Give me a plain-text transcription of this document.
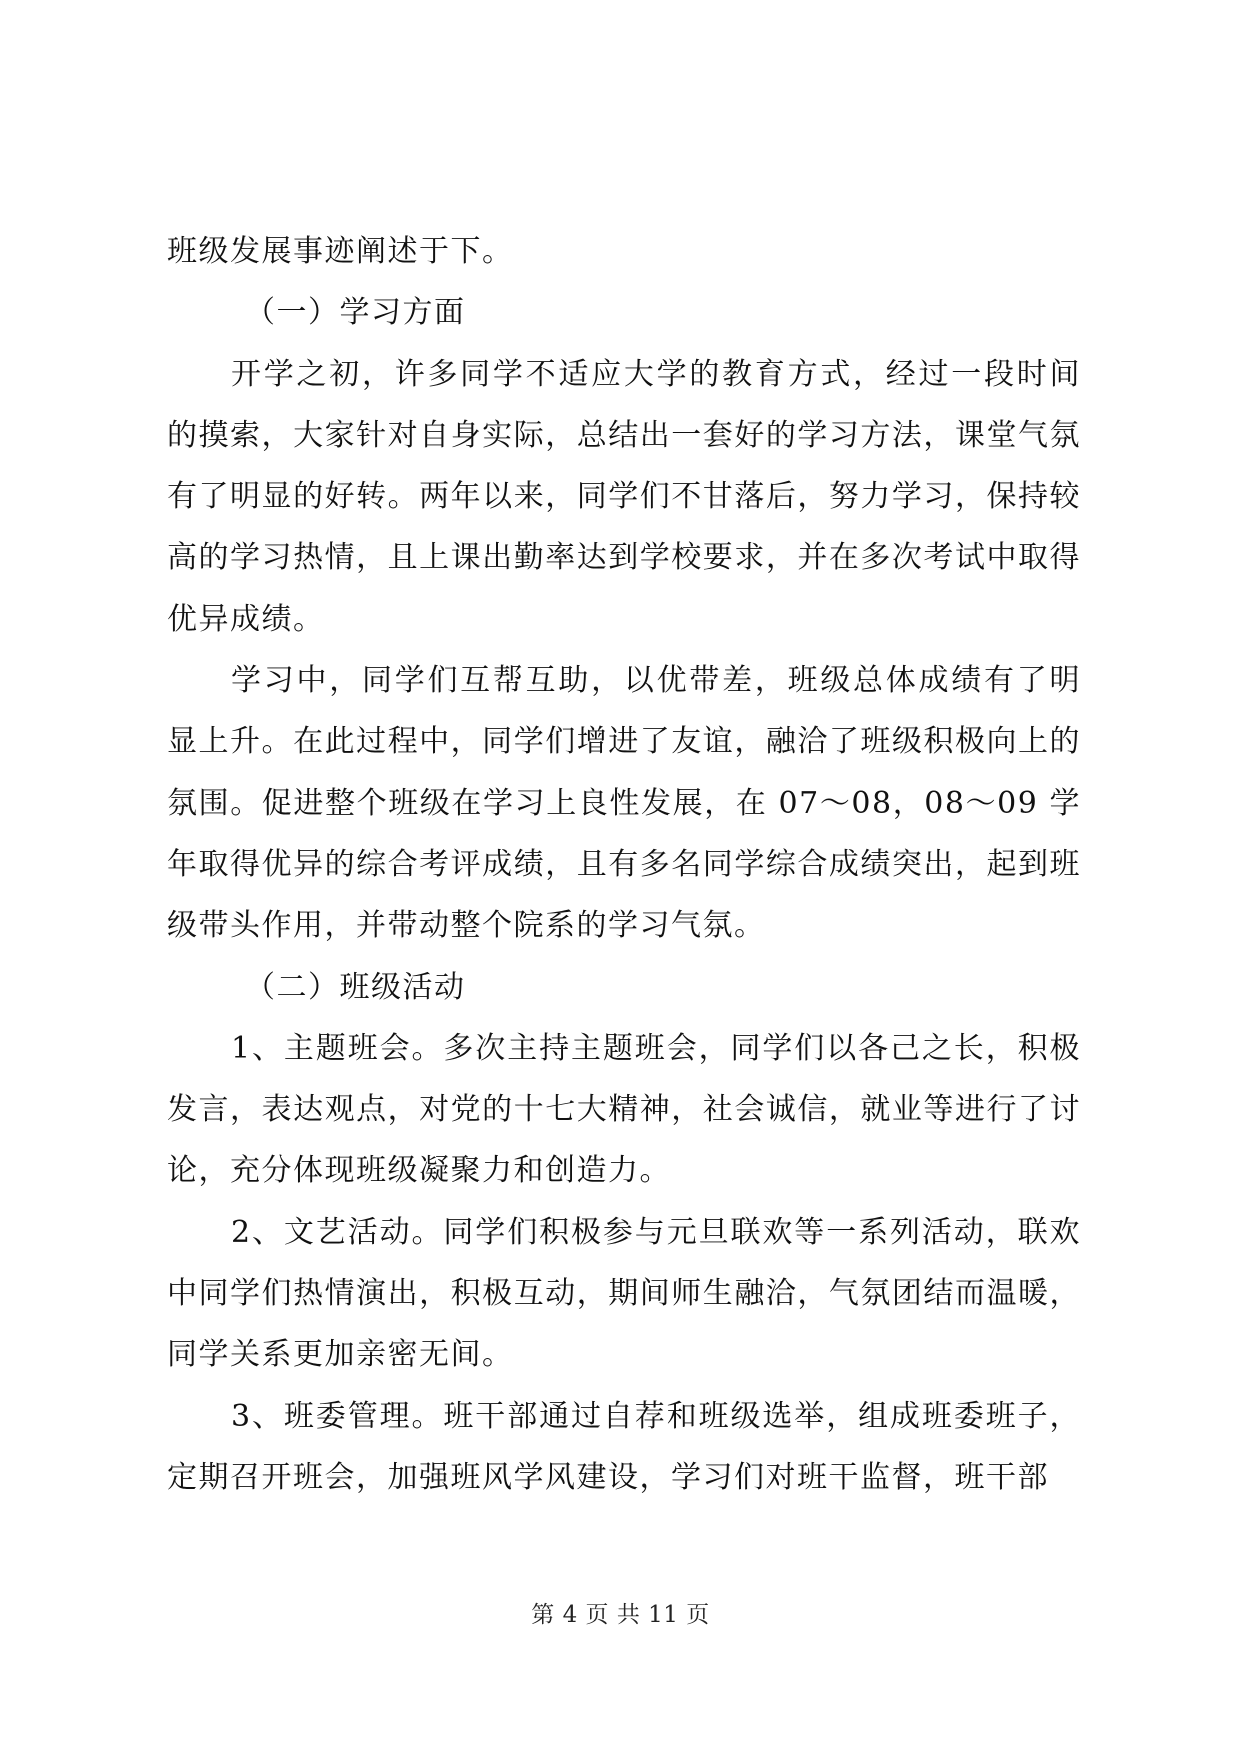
班级发展事迹阐述于下。

（一）学习方面

开学之初，许多同学不适应大学的教育方式，经过一段时间的摸索，大家针对自身实际，总结出一套好的学习方法，课堂气氛有了明显的好转。两年以来，同学们不甘落后，努力学习，保持较高的学习热情，且上课出勤率达到学校要求，并在多次考试中取得优异成绩。

学习中，同学们互帮互助，以优带差，班级总体成绩有了明显上升。在此过程中，同学们增进了友谊，融洽了班级积极向上的氛围。促进整个班级在学习上良性发展，在 07～08，08～09 学年取得优异的综合考评成绩，且有多名同学综合成绩突出，起到班级带头作用，并带动整个院系的学习气氛。

（二）班级活动

1、主题班会。多次主持主题班会，同学们以各己之长，积极发言，表达观点，对党的十七大精神，社会诚信，就业等进行了讨论，充分体现班级凝聚力和创造力。

2、文艺活动。同学们积极参与元旦联欢等一系列活动，联欢中同学们热情演出，积极互动，期间师生融洽，气氛团结而温暖，同学关系更加亲密无间。

3、班委管理。班干部通过自荐和班级选举，组成班委班子，定期召开班会，加强班风学风建设，学习们对班干监督，班干部

第 4 页 共 11 页
